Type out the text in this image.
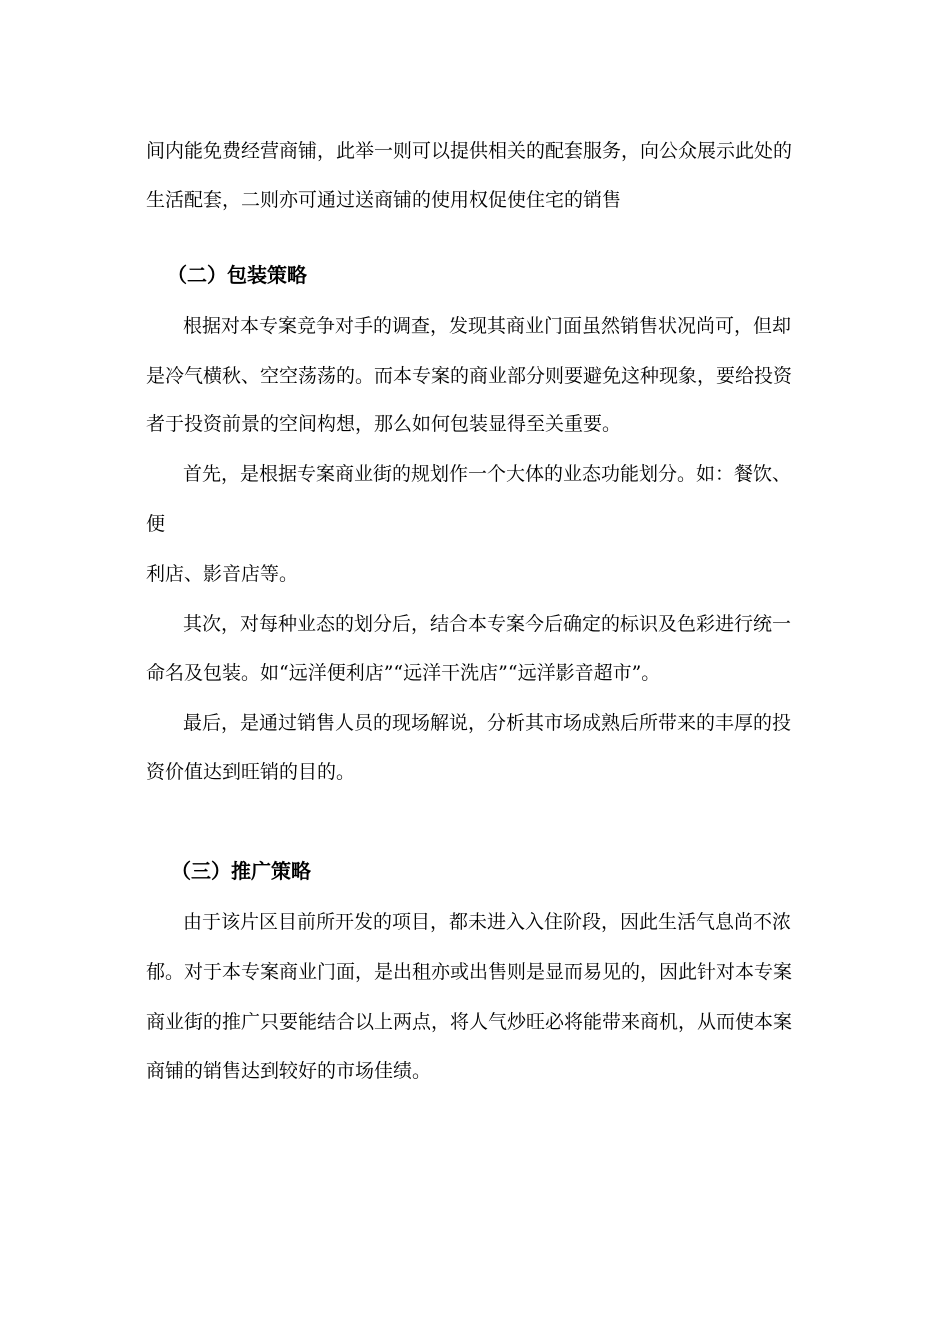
间内能免费经营商铺，此举一则可以提供相关的配套服务，向公众展示此处的
生活配套，二则亦可通过送商铺的使用权促使住宅的销售
（二）包装策略
根据对本专案竞争对手的调查，发现其商业门面虽然销售状况尚可，但却
是冷气横秋、空空荡荡的。而本专案的商业部分则要避免这种现象，要给投资
者于投资前景的空间构想，那么如何包装显得至关重要。
首先，是根据专案商业街的规划作一个大体的业态功能划分。如：餐饮、
便
利店、影音店等。
其次，对每种业态的划分后，结合本专案今后确定的标识及色彩进行统一
命名及包装。如“远洋便利店”“远洋干洗店”“远洋影音超市”。
最后，是通过销售人员的现场解说，分析其市场成熟后所带来的丰厚的投
资价值达到旺销的目的。
（三）推广策略
由于该片区目前所开发的项目，都未进入入住阶段，因此生活气息尚不浓
郁。对于本专案商业门面，是出租亦或出售则是显而易见的，因此针对本专案
商业街的推广只要能结合以上两点，将人气炒旺必将能带来商机，从而使本案
商铺的销售达到较好的市场佳绩。
